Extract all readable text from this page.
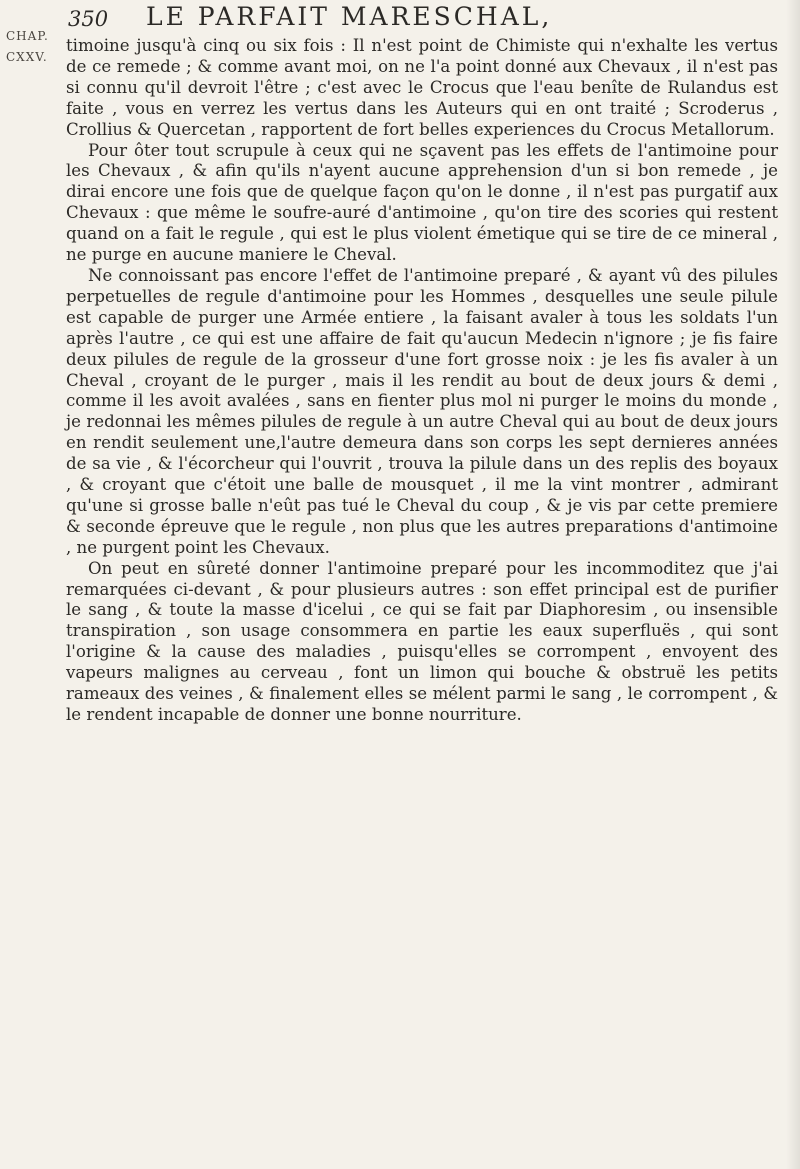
CHAP.
CXXV.
350 LE PARFAIT MARESCHAL,

timoine jusqu'à cinq ou six fois : Il n'est point de Chimiste qui n'exhalte les vertus de ce remede ; & comme avant moi, on ne l'a point donné aux Chevaux , il n'est pas si connu qu'il devroit l'être ; c'est avec le Crocus que l'eau benîte de Rulandus est faite , vous en verrez les vertus dans les Auteurs qui en ont traité ; Scroderus , Crollius & Quercetan , rapportent de fort belles experiences du Crocus Metallorum.

Pour ôter tout scrupule à ceux qui ne sçavent pas les effets de l'antimoine pour les Chevaux , & afin qu'ils n'ayent aucune apprehension d'un si bon remede , je dirai encore une fois que de quelque façon qu'on le donne , il n'est pas purgatif aux Chevaux : que même le soufre-auré d'antimoine , qu'on tire des scories qui restent quand on a fait le regule , qui est le plus violent émetique qui se tire de ce mineral , ne purge en aucune maniere le Cheval.

Ne connoissant pas encore l'effet de l'antimoine preparé , & ayant vû des pilules perpetuelles de regule d'antimoine pour les Hommes , desquelles une seule pilule est capable de purger une Armée entiere , la faisant avaler à tous les soldats l'un après l'autre , ce qui est une affaire de fait qu'aucun Medecin n'ignore ; je fis faire deux pilules de regule de la grosseur d'une fort grosse noix : je les fis avaler à un Cheval , croyant de le purger , mais il les rendit au bout de deux jours & demi , comme il les avoit avalées , sans en fienter plus mol ni purger le moins du monde , je redonnai les mêmes pilules de regule à un autre Cheval qui au bout de deux jours en rendit seulement une,l'autre demeura dans son corps les sept dernieres années de sa vie , & l'écorcheur qui l'ouvrit , trouva la pilule dans un des replis des boyaux , & croyant que c'étoit une balle de mousquet , il me la vint montrer , admirant qu'une si grosse balle n'eût pas tué le Cheval du coup , & je vis par cette premiere & seconde épreuve que le regule , non plus que les autres preparations d'antimoine , ne purgent point les Chevaux.

On peut en sûreté donner l'antimoine preparé pour les incommoditez que j'ai remarquées ci-devant , & pour plusieurs autres : son effet principal est de purifier le sang , & toute la masse d'icelui , ce qui se fait par Diaphoresim , ou insensible transpiration , son usage consommera en partie les eaux superfluës , qui sont l'origine & la cause des maladies , puisqu'elles se corrompent , envoyent des vapeurs malignes au cerveau , font un limon qui bouche & obstruë les petits rameaux des veines , & finalement elles se mélent parmi le sang , le corrompent , & le rendent incapable de donner une bonne nourriture.
